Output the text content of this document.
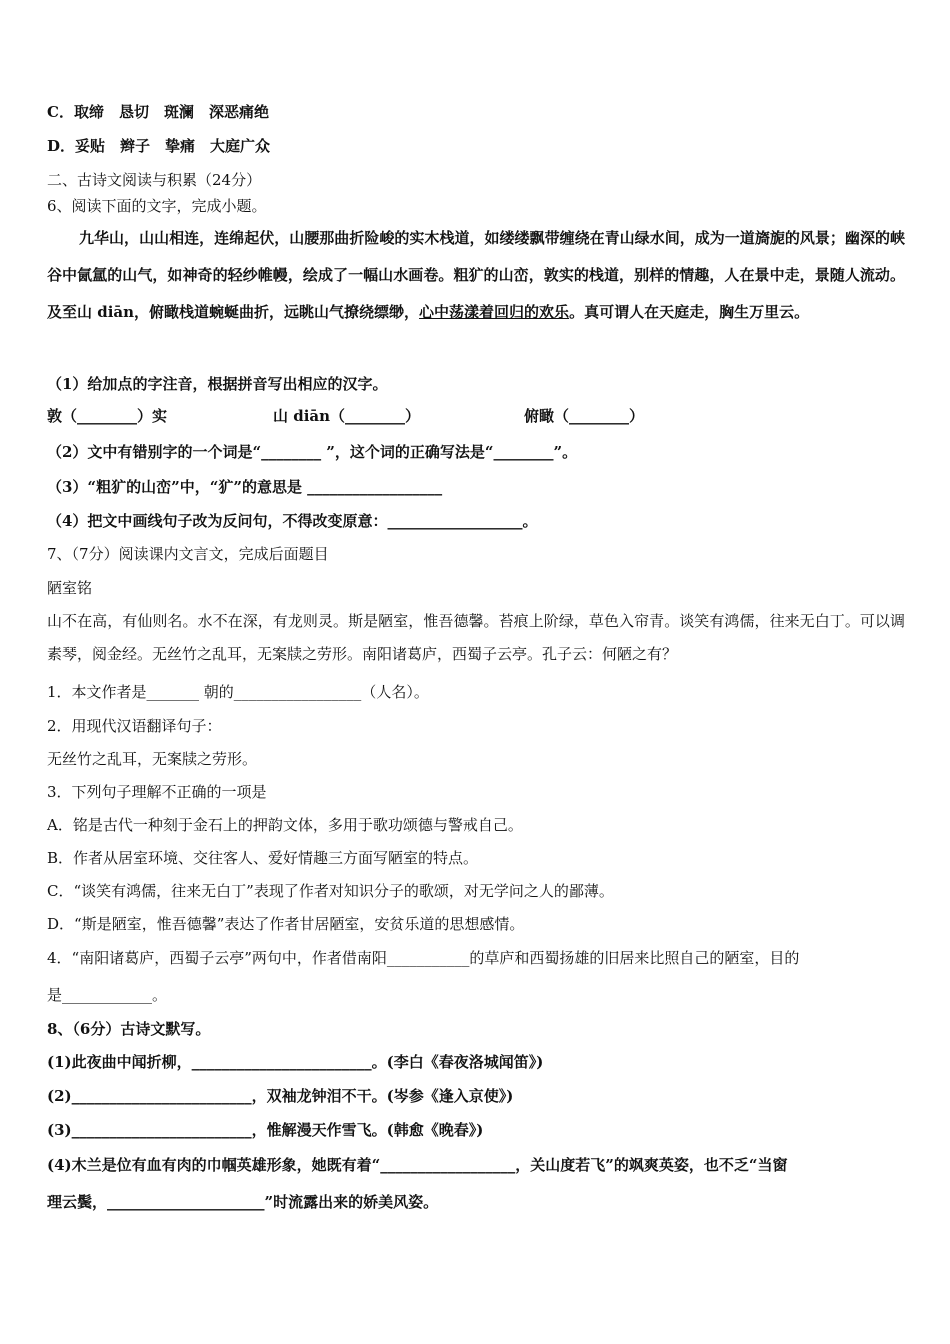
C．取缔　恳切　斑澜　深恶痛绝
D．妥贴　辫子　挚痛　大庭广众
二、古诗文阅读与积累（24分）
6、阅读下面的文字，完成小题。
九华山，山山相连，连绵起伏，山腰那曲折险峻的实木栈道，如缕缕飘带缠绕在青山绿水间，成为一道旖旎的风景；幽深的峡谷中氤氲的山气，如神奇的轻纱帷幔，绘成了一幅山水画卷。粗犷的山峦，敦实的栈道，别样的情趣，人在景中走，景随人流动。及至山 diān，俯瞰栈道蜿蜒曲折，远眺山气撩绕缥缈，心中荡漾着回归的欢乐。真可谓人在天庭走，胸生万里云。
（1）给加点的字注音，根据拼音写出相应的汉字。
敦（________）实	山 diān（________）	俯瞰（________）
（2）文中有错别字的一个词是“________ ”，这个词的正确写法是“________”。
（3）“粗犷的山峦”中，“犷”的意思是 __________________
（4）把文中画线句子改为反问句，不得改变原意：__________________。
7、（7分）阅读课内文言文，完成后面题目
陋室铭
山不在高，有仙则名。水不在深，有龙则灵。斯是陋室，惟吾德馨。苔痕上阶绿，草色入帘青。谈笑有鸿儒，往来无白丁。可以调素琴，阅金经。无丝竹之乱耳，无案牍之劳形。南阳诸葛庐，西蜀子云亭。孔子云：何陋之有？
1．本文作者是_______ 朝的_________________（人名）。
2．用现代汉语翻译句子：
无丝竹之乱耳，无案牍之劳形。
3．下列句子理解不正确的一项是
A．铭是古代一种刻于金石上的押韵文体，多用于歌功颂德与警戒自己。
B．作者从居室环境、交往客人、爱好情趣三方面写陋室的特点。
C．“谈笑有鸿儒，往来无白丁”表现了作者对知识分子的歌颂，对无学问之人的鄙薄。
D．“斯是陋室，惟吾德馨”表达了作者甘居陋室，安贫乐道的思想感情。
4．“南阳诸葛庐，西蜀子云亭”两句中，作者借南阳___________的草庐和西蜀扬雄的旧居来比照自己的陋室，目的
是____________。
8、（6分）古诗文默写。
(1)此夜曲中闻折柳，________________________。(李白《春夜洛城闻笛》)
(2)________________________，双袖龙钟泪不干。(岑参《逢入京使》)
(3)________________________，惟解漫天作雪飞。(韩愈《晚春》)
(4)木兰是位有血有肉的巾帼英雄形象，她既有着“__________________，关山度若飞”的飒爽英姿，也不乏“当窗
理云鬓，_____________________”时流露出来的娇美风姿。
